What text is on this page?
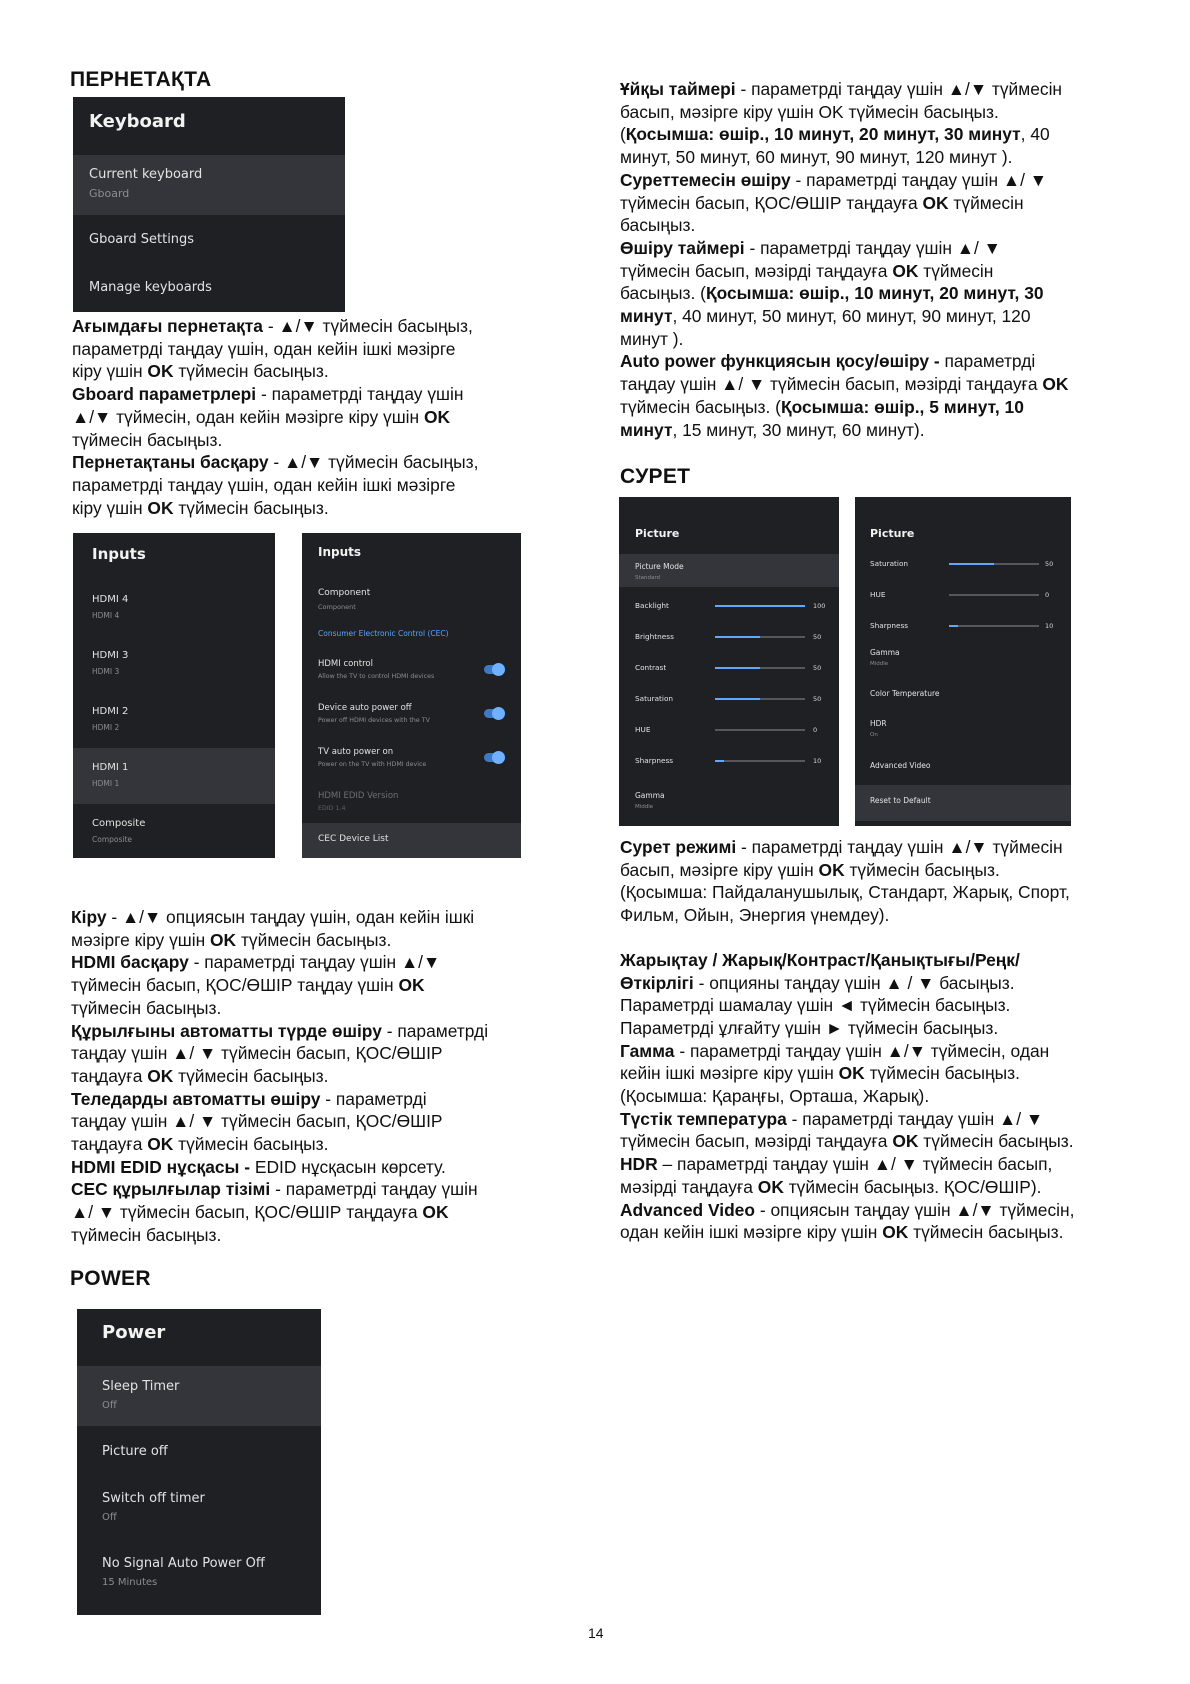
ПЕРНЕТАҚТА
СУРЕТ
POWER
Keyboard
Current keyboard
Gboard
Gboard Settings
Manage keyboards

Ағымдағы пернетақта - ▲/▼ түймесін басыңыз,

параметрді таңдау үшін, одан кейін ішкі мәзірге

кіру үшін OK түймесін басыңыз.

Gboard параметрлері - параметрді таңдау үшін

▲/▼ түймесін, одан кейін мәзірге кіру үшін OK

түймесін басыңыз.

Пернетақтаны басқару - ▲/▼ түймесін басыңыз,

параметрді таңдау үшін, одан кейін ішкі мәзірге

кіру үшін OK түймесін басыңыз.

Inputs
HDMI 4
HDMI 4
HDMI 3
HDMI 3
HDMI 2
HDMI 2
HDMI 1
HDMI 1
Composite
Composite
Inputs
Component
Component
Consumer Electronic Control (CEC)
HDMI control
Allow the TV to control HDMI devices
Device auto power off
Power off HDMI devices with the TV
TV auto power on
Power on the TV with HDMI device
HDMI EDID Version
EDID 1.4
CEC Device List

Кіру - ▲/▼ опциясын таңдау үшін, одан кейін ішкі

мәзірге кіру үшін OK түймесін басыңыз.

HDMI басқару - параметрді таңдау үшін ▲/▼

түймесін басып, ҚОС/ӨШІР таңдау үшін OK

түймесін басыңыз.

Құрылғыны автоматты түрде өшіру - параметрді

таңдау үшін ▲/ ▼ түймесін басып, ҚОС/ӨШІР

таңдауға OK түймесін басыңыз.

Теледарды автоматты өшіру - параметрді

таңдау үшін ▲/ ▼ түймесін басып, ҚОС/ӨШІР

таңдауға OK түймесін басыңыз.

HDMI EDID нұсқасы - EDID нұсқасын көрсету.

CEC құрылғылар тізімі - параметрді таңдау үшін

▲/ ▼ түймесін басып, ҚОС/ӨШІР таңдауға OK

түймесін басыңыз.

Power
Sleep Timer
Off
Picture off
Switch off timer
Off
No Signal Auto Power Off
15 Minutes

Ұйқы таймері - параметрді таңдау үшін ▲/▼ түймесін

басып, мәзірге кіру үшін OK түймесін басыңыз.

(Қосымша: өшір., 10 минут, 20 минут, 30 минут, 40

минут, 50 минут, 60 минут, 90 минут, 120 минут ).

Суреттемесін өшіру - параметрді таңдау үшін ▲/ ▼

түймесін басып, ҚОС/ӨШІР таңдауға OK түймесін

басыңыз.

Өшіру таймері - параметрді таңдау үшін ▲/ ▼

түймесін басып, мәзірді таңдауға OK түймесін

басыңыз. (Қосымша: өшір., 10 минут, 20 минут, 30

минут, 40 минут, 50 минут, 60 минут, 90 минут, 120

минут ).

Auto power функциясын қосу/өшіру - параметрді

таңдау үшін ▲/ ▼ түймесін басып, мәзірді таңдауға OK

түймесін басыңыз. (Қосымша: өшір., 5 минут, 10

минут, 15 минут, 30 минут, 60 минут).

Picture
Picture Mode
Standard
Gamma
Middle
Backlight	100
Brightness	50
Contrast	50
Saturation	50
HUE	0
Sharpness	10
Picture
Gamma
Middle
Color Temperature
HDR
On
Advanced Video
Reset to Default
Saturation	50
HUE	0
Sharpness	10

Сурет режимі - параметрді таңдау үшін ▲/▼ түймесін

басып, мәзірге кіру үшін OK түймесін басыңыз.

(Қосымша: Пайдаланушылық, Стандарт, Жарық, Спорт,

Фильм, Ойын, Энергия үнемдеу).

Жарықтау / Жарық/Контраст/Қанықтығы/Реңк/

Өткірлігі - опцияны таңдау үшін ▲ / ▼ басыңыз.

Параметрді шамалау үшін ◄ түймесін басыңыз.

Параметрді ұлғайту үшін ► түймесін басыңыз.

Гамма - параметрді таңдау үшін ▲/▼ түймесін, одан

кейін ішкі мәзірге кіру үшін OK түймесін басыңыз.

(Қосымша: Қараңғы, Орташа, Жарық).

Түстік температура - параметрді таңдау үшін ▲/ ▼

түймесін басып, мәзірді таңдауға OK түймесін басыңыз.

HDR – параметрді таңдау үшін ▲/ ▼ түймесін басып,

мәзірді таңдауға OK түймесін басыңыз. ҚОС/ӨШІР).

Advanced Video - опциясын таңдау үшін ▲/▼ түймесін,

одан кейін ішкі мәзірге кіру үшін OK түймесін басыңыз.

14
